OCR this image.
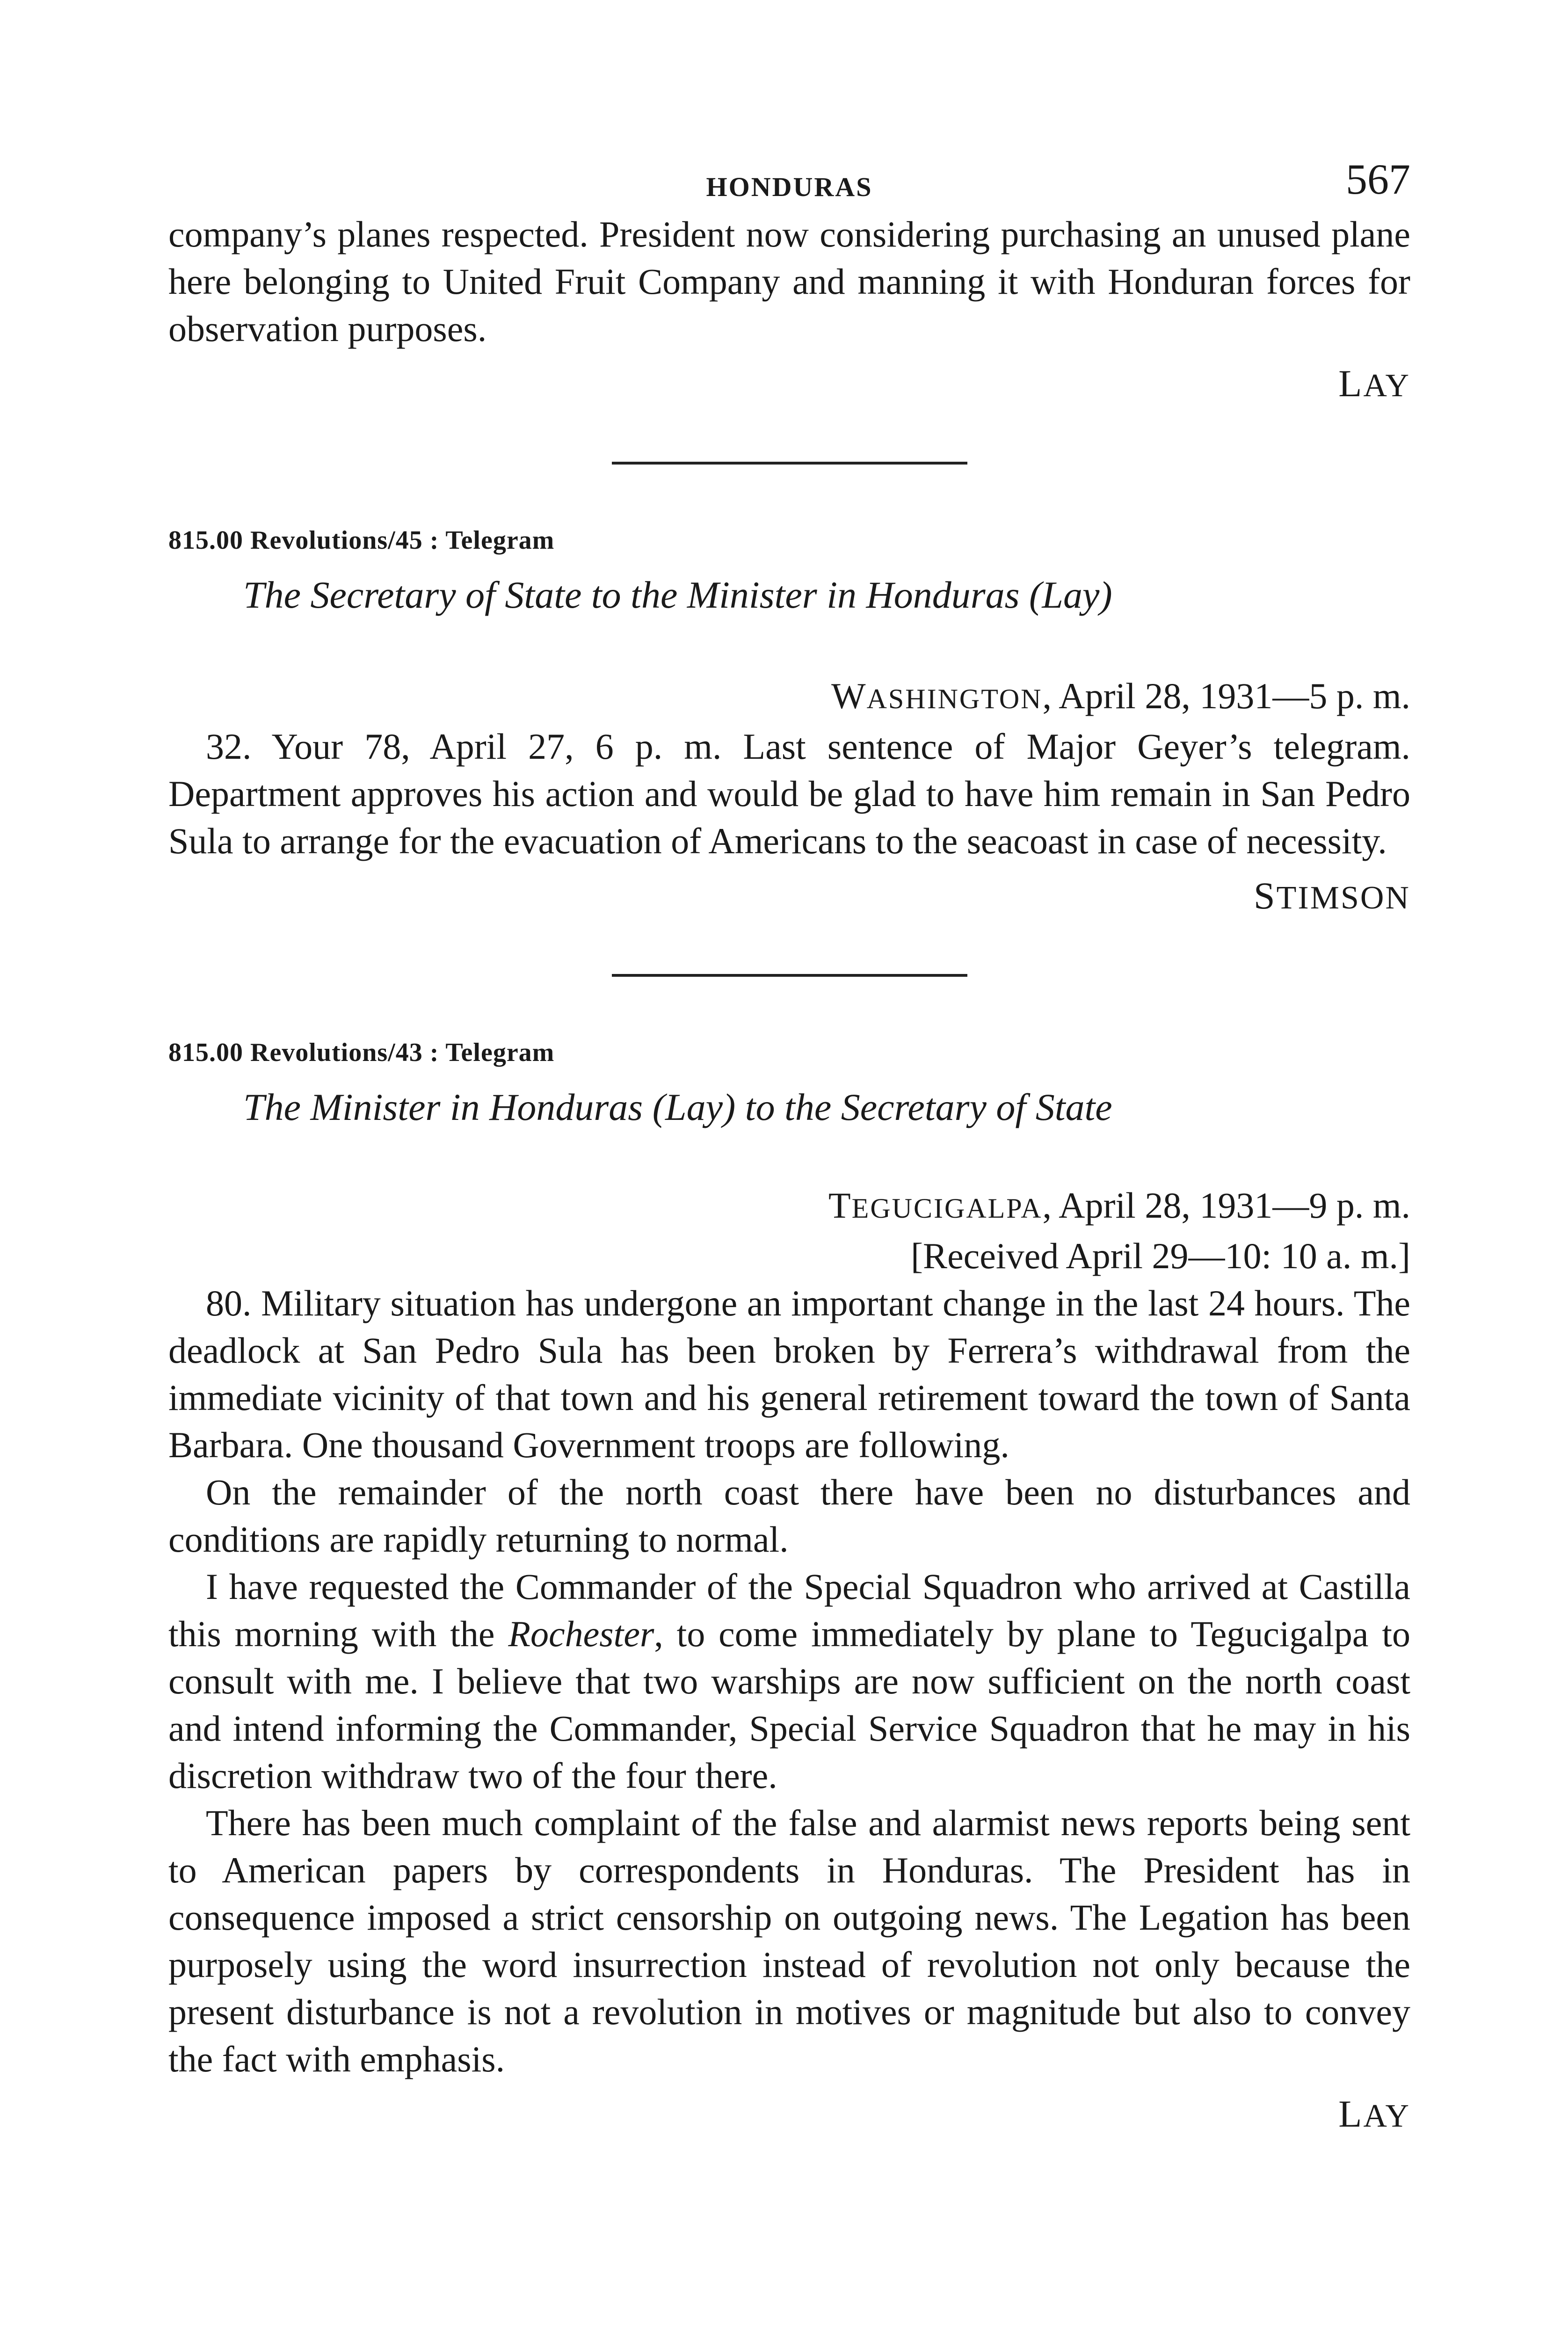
HONDURAS	567

company’s planes respected. President now considering purchasing an unused plane here belonging to United Fruit Company and manning it with Honduran forces for observation purposes.

LAY
815.00 Revolutions/45 : Telegram
The Secretary of State to the Minister in Honduras (Lay)
WASHINGTON, April 28, 1931—5 p. m.

32. Your 78, April 27, 6 p. m. Last sentence of Major Geyer’s telegram. Department approves his action and would be glad to have him remain in San Pedro Sula to arrange for the evacuation of Americans to the seacoast in case of necessity.

STIMSON
815.00 Revolutions/43 : Telegram
The Minister in Honduras (Lay) to the Secretary of State
TEGUCIGALPA, April 28, 1931—9 p. m.
[Received April 29—10: 10 a. m.]

80. Military situation has undergone an important change in the last 24 hours. The deadlock at San Pedro Sula has been broken by Ferrera’s withdrawal from the immediate vicinity of that town and his general retirement toward the town of Santa Barbara. One thousand Government troops are following.

On the remainder of the north coast there have been no disturbances and conditions are rapidly returning to normal.

I have requested the Commander of the Special Squadron who arrived at Castilla this morning with the Rochester, to come immediately by plane to Tegucigalpa to consult with me. I believe that two warships are now sufficient on the north coast and intend informing the Commander, Special Service Squadron that he may in his discretion withdraw two of the four there.

There has been much complaint of the false and alarmist news reports being sent to American papers by correspondents in Honduras. The President has in consequence imposed a strict censorship on outgoing news. The Legation has been purposely using the word insurrection instead of revolution not only because the present disturbance is not a revolution in motives or magnitude but also to convey the fact with emphasis.

LAY
